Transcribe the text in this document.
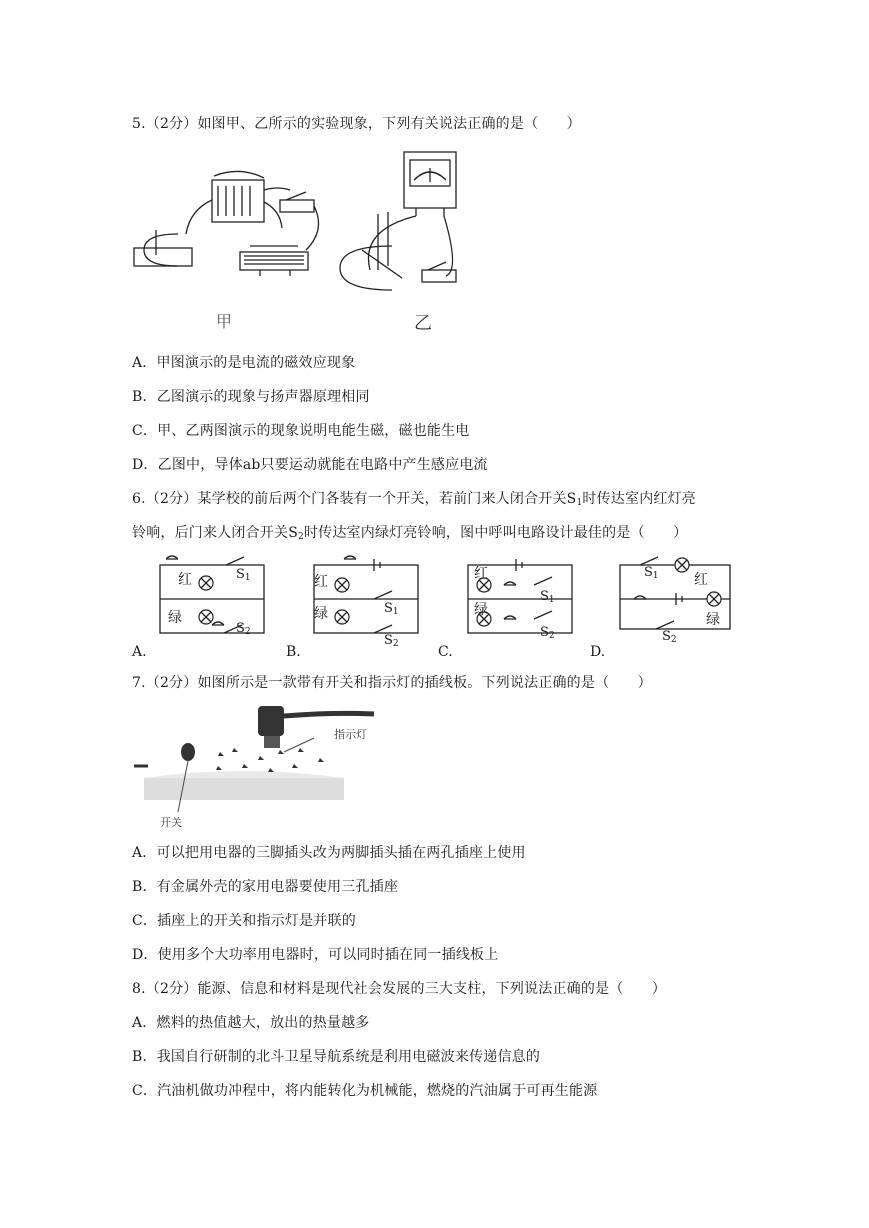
5.（2分）如图甲、乙所示的实验现象，下列有关说法正确的是（　　）
甲	乙
A．甲图演示的是电流的磁效应现象
B．乙图演示的现象与扬声器原理相同
C．甲、乙两图演示的现象说明电能生磁，磁也能生电
D．乙图中，导体ab只要运动就能在电路中产生感应电流
6.（2分）某学校的前后两个门各装有一个开关，若前门来人闭合开关$S_1$时传达室内红灯亮
铃响，后门来人闭合开关$S_2$时传达室内绿灯亮铃响，图中呼叫电路设计最佳的是（　　）
红
绿
$S_1$
$S_2$
A.
红
绿	$S_1$
$S_2$
B.
红
绿
$S_1$
$S_2$
C.
$S_1$	红
绿
$S_2$
D.
7.（2分）如图所示是一款带有开关和指示灯的插线板。下列说法正确的是（　　）
指示灯
开关
A．可以把用电器的三脚插头改为两脚插头插在两孔插座上使用
B．有金属外壳的家用电器要使用三孔插座
C．插座上的开关和指示灯是并联的
D．使用多个大功率用电器时，可以同时插在同一插线板上
8.（2分）能源、信息和材料是现代社会发展的三大支柱，下列说法正确的是（　　）
A．燃料的热值越大，放出的热量越多
B．我国自行研制的北斗卫星导航系统是利用电磁波来传递信息的
C．汽油机做功冲程中，将内能转化为机械能，燃烧的汽油属于可再生能源
